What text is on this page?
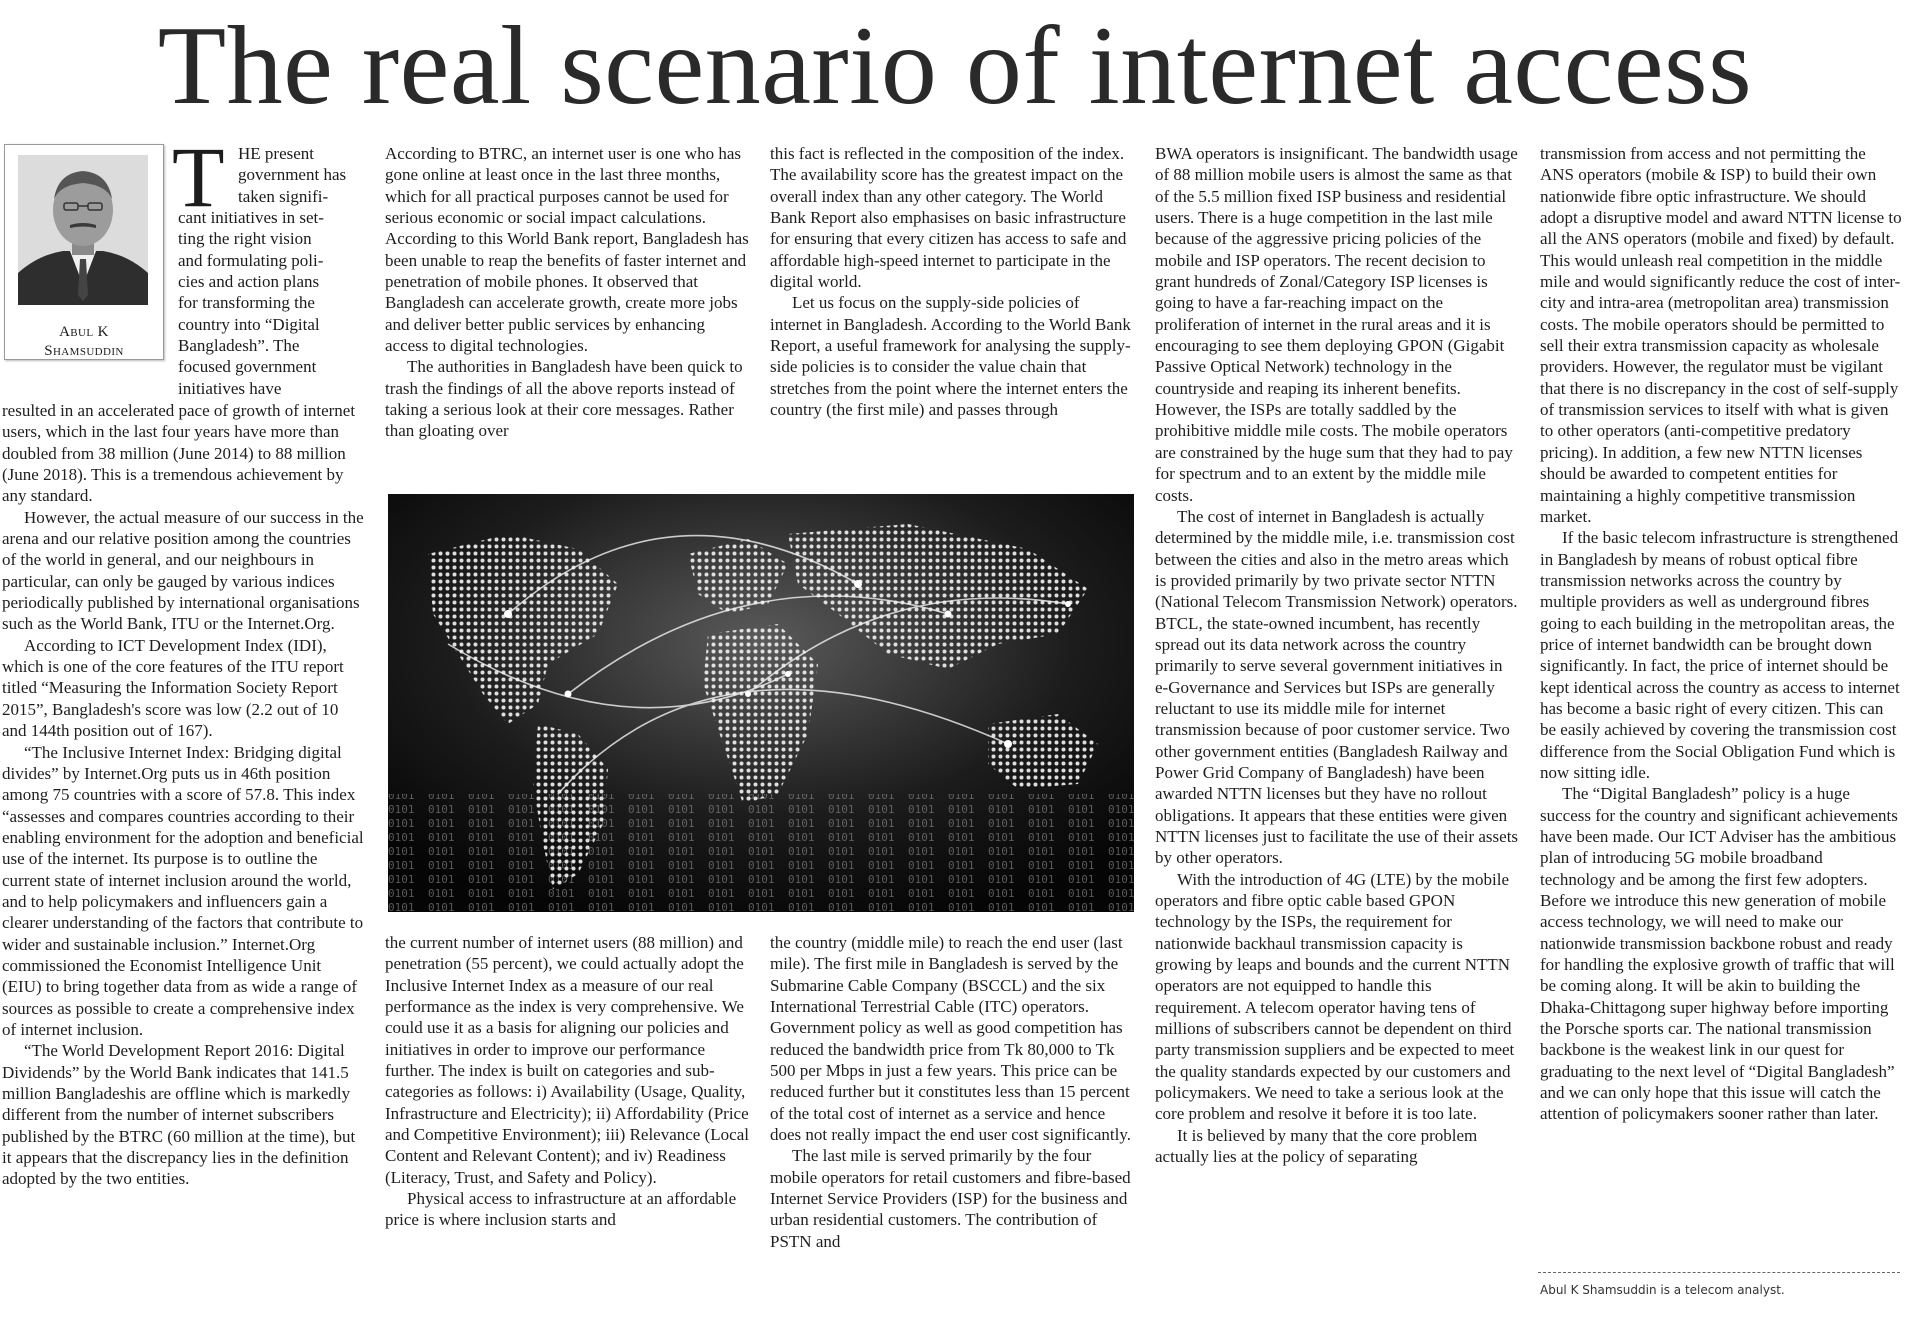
The real scenario of internet access
Abul K
Shamsuddin
T HE present
government has
taken signifi-
cant initiatives in set-
ting the right vision
and formulating poli-
cies and action plans
for transforming the
country into “Digital
Bangladesh”. The
focused government
initiatives have

resulted in an accelerated pace of growth of internet users, which in the last four years have more than doubled from 38 million (June 2014) to 88 million (June 2018). This is a tremendous achievement by any standard.

However, the actual measure of our success in the arena and our relative position among the countries of the world in general, and our neighbours in particular, can only be gauged by various indices periodically published by international organisations such as the World Bank, ITU or the Internet.Org.

According to ICT Development Index (IDI), which is one of the core features of the ITU report titled “Measuring the Information Society Report 2015”, Bangladesh's score was low (2.2 out of 10 and 144th position out of 167).

“The Inclusive Internet Index: Bridging digital divides” by Internet.Org puts us in 46th position among 75 countries with a score of 57.8. This index “assesses and compares countries according to their enabling environment for the adoption and beneficial use of the internet. Its purpose is to outline the current state of internet inclusion around the world, and to help policymakers and influencers gain a clearer understanding of the factors that contribute to wider and sustainable inclusion.” Internet.Org commissioned the Economist Intelligence Unit (EIU) to bring together data from as wide a range of sources as possible to create a comprehensive index of internet inclusion.

“The World Development Report 2016: Digital Dividends” by the World Bank indicates that 141.5 million Bangladeshis are offline which is markedly different from the number of internet subscribers published by the BTRC (60 million at the time), but it appears that the discrepancy lies in the definition adopted by the two entities.

According to BTRC, an internet user is one who has gone online at least once in the last three months, which for all practical purposes cannot be used for serious economic or social impact calculations. According to this World Bank report, Bangladesh has been unable to reap the benefits of faster internet and penetration of mobile phones. It observed that Bangladesh can accelerate growth, create more jobs and deliver better public services by enhancing access to digital technologies.

The authorities in Bangladesh have been quick to trash the findings of all the above reports instead of taking a serious look at their core messages. Rather than gloating over

this fact is reflected in the composition of the index. The availability score has the greatest impact on the overall index than any other category. The World Bank Report also emphasises on basic infrastructure for ensuring that every citizen has access to safe and affordable high-speed internet to participate in the digital world.

Let us focus on the supply-side policies of internet in Bangladesh. According to the World Bank Report, a useful framework for analysing the supply-side policies is to consider the value chain that stretches from the point where the internet enters the country (the first mile) and passes through

the current number of internet users (88 million) and penetration (55 percent), we could actually adopt the Inclusive Internet Index as a measure of our real performance as the index is very comprehensive. We could use it as a basis for aligning our policies and initiatives in order to improve our performance further. The index is built on categories and sub-categories as follows: i) Availability (Usage, Quality, Infrastructure and Electricity); ii) Affordability (Price and Competitive Environment); iii) Relevance (Local Content and Relevant Content); and iv) Readiness (Literacy, Trust, and Safety and Policy).

Physical access to infrastructure at an affordable price is where inclusion starts and

the country (middle mile) to reach the end user (last mile). The first mile in Bangladesh is served by the Submarine Cable Company (BSCCL) and the six International Terrestrial Cable (ITC) operators. Government policy as well as good competition has reduced the bandwidth price from Tk 80,000 to Tk 500 per Mbps in just a few years. This price can be reduced further but it constitutes less than 15 percent of the total cost of internet as a service and hence does not really impact the end user cost significantly.

The last mile is served primarily by the four mobile operators for retail customers and fibre-based Internet Service Providers (ISP) for the business and urban residential customers. The contribution of PSTN and

BWA operators is insignificant. The bandwidth usage of 88 million mobile users is almost the same as that of the 5.5 million fixed ISP business and residential users. There is a huge competition in the last mile because of the aggressive pricing policies of the mobile and ISP operators. The recent decision to grant hundreds of Zonal/Category ISP licenses is going to have a far-reaching impact on the proliferation of internet in the rural areas and it is encouraging to see them deploying GPON (Gigabit Passive Optical Network) technology in the countryside and reaping its inherent benefits. However, the ISPs are totally saddled by the prohibitive middle mile costs. The mobile operators are constrained by the huge sum that they had to pay for spectrum and to an extent by the middle mile costs.

The cost of internet in Bangladesh is actually determined by the middle mile, i.e. transmission cost between the cities and also in the metro areas which is provided primarily by two private sector NTTN (National Telecom Transmission Network) operators. BTCL, the state-owned incumbent, has recently spread out its data network across the country primarily to serve several government initiatives in e-Governance and Services but ISPs are generally reluctant to use its middle mile for internet transmission because of poor customer service. Two other government entities (Bangladesh Railway and Power Grid Company of Bangladesh) have been awarded NTTN licenses but they have no rollout obligations. It appears that these entities were given NTTN licenses just to facilitate the use of their assets by other operators.

With the introduction of 4G (LTE) by the mobile operators and fibre optic cable based GPON technology by the ISPs, the requirement for nationwide backhaul transmission capacity is growing by leaps and bounds and the current NTTN operators are not equipped to handle this requirement. A telecom operator having tens of millions of subscribers cannot be dependent on third party transmission suppliers and be expected to meet the quality standards expected by our customers and policymakers. We need to take a serious look at the core problem and resolve it before it is too late.

It is believed by many that the core problem actually lies at the policy of separating

transmission from access and not permitting the ANS operators (mobile & ISP) to build their own nationwide fibre optic infrastructure. We should adopt a disruptive model and award NTTN license to all the ANS operators (mobile and fixed) by default. This would unleash real competition in the middle mile and would significantly reduce the cost of inter-city and intra-area (metropolitan area) transmission costs. The mobile operators should be permitted to sell their extra transmission capacity as wholesale providers. However, the regulator must be vigilant that there is no discrepancy in the cost of self-supply of transmission services to itself with what is given to other operators (anti-competitive predatory pricing). In addition, a few new NTTN licenses should be awarded to competent entities for maintaining a highly competitive transmission market.

If the basic telecom infrastructure is strengthened in Bangladesh by means of robust optical fibre transmission networks across the country by multiple providers as well as underground fibres going to each building in the metropolitan areas, the price of internet bandwidth can be brought down significantly. In fact, the price of internet should be kept identical across the country as access to internet has become a basic right of every citizen. This can be easily achieved by covering the transmission cost difference from the Social Obligation Fund which is now sitting idle.

The “Digital Bangladesh” policy is a huge success for the country and significant achievements have been made. Our ICT Adviser has the ambitious plan of introducing 5G mobile broadband technology and be among the first few adopters. Before we introduce this new generation of mobile access technology, we will need to make our nationwide transmission backbone robust and ready for handling the explosive growth of traffic that will be coming along. It will be akin to building the Dhaka-Chittagong super highway before importing the Porsche sports car. The national transmission backbone is the weakest link in our quest for graduating to the next level of “Digital Bangladesh” and we can only hope that this issue will catch the attention of policymakers sooner rather than later.

Abul K Shamsuddin is a telecom analyst.
